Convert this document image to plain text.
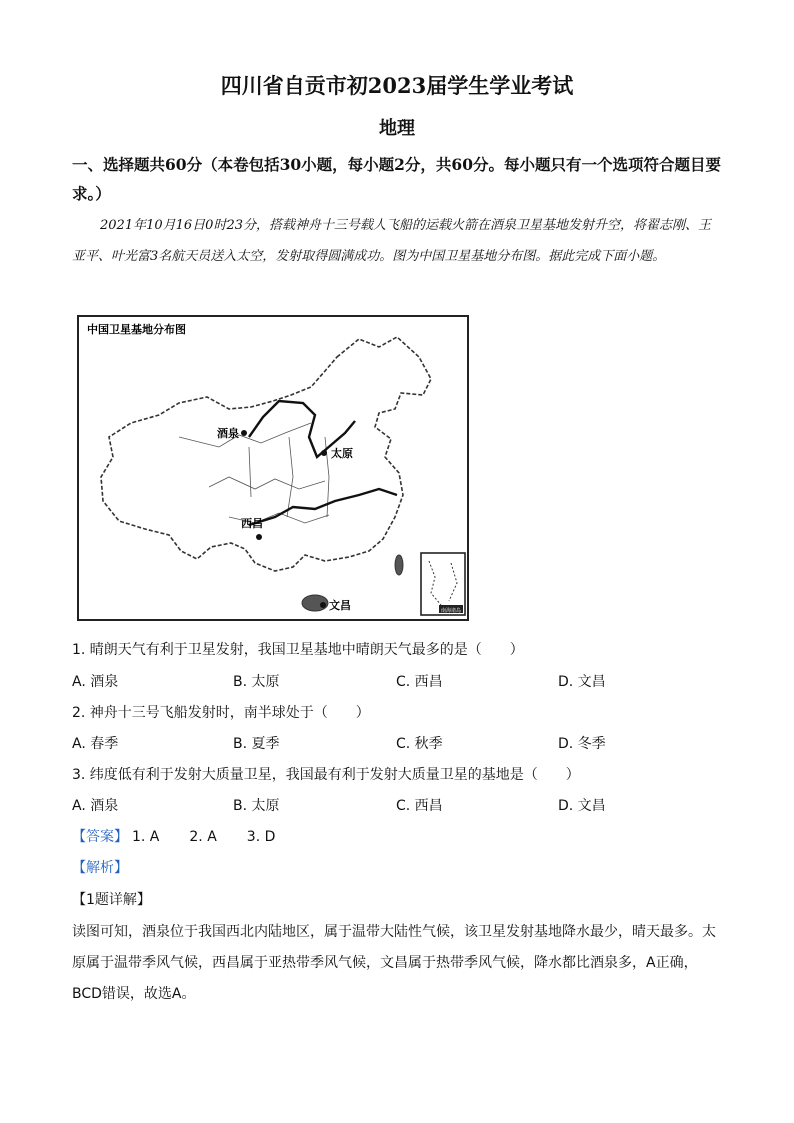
四川省自贡市初2023届学生学业考试
地理
一、选择题共60分（本卷包括30小题，每小题2分，共60分。每小题只有一个选项符合题目要求。）
2021年10月16日0时23分，搭载神舟十三号载人飞船的运载火箭在酒泉卫星基地发射升空，将翟志刚、王亚平、叶光富3名航天员送入太空，发射取得圆满成功。图为中国卫星基地分布图。据此完成下面小题。
中国卫星基地分布图
南海诸岛
酒泉
太原
西昌
文昌
1. 晴朗天气有利于卫星发射，我国卫星基地中晴朗天气最多的是（　　）
A. 酒泉	B. 太原	C. 西昌	D. 文昌
2. 神舟十三号飞船发射时，南半球处于（　　）
A. 春季	B. 夏季	C. 秋季	D. 冬季
3. 纬度低有利于发射大质量卫星，我国最有利于发射大质量卫星的基地是（　　）
A. 酒泉	B. 太原	C. 西昌	D. 文昌
【答案】 1. A 2. A 3. D
【解析】
【1题详解】
读图可知，酒泉位于我国西北内陆地区，属于温带大陆性气候，该卫星发射基地降水最少，晴天最多。太原属于温带季风气候，西昌属于亚热带季风气候，文昌属于热带季风气候，降水都比酒泉多，A正确，BCD错误，故选A。
